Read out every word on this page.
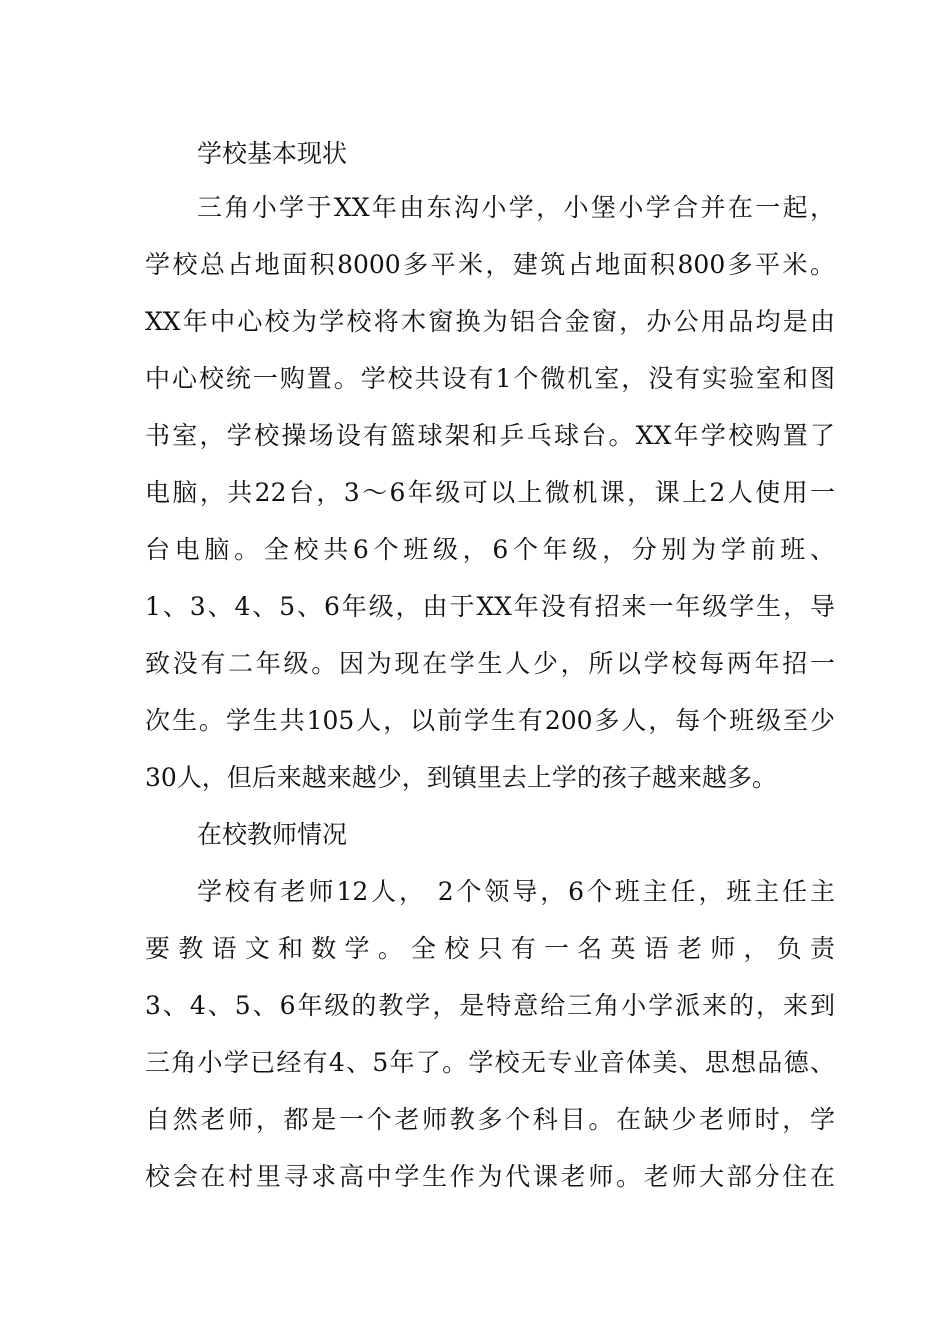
学校基本现状
三角小学于XX年由东沟小学，小堡小学合并在一起，
学校总占地面积8000多平米，建筑占地面积800多平米。
XX年中心校为学校将木窗换为铝合金窗，办公用品均是由
中心校统一购置。学校共设有1个微机室，没有实验室和图
书室，学校操场设有篮球架和乒乓球台。XX年学校购置了
电脑，共22台，3～6年级可以上微机课，课上2人使用一
台电脑。全校共6个班级，6个年级，分别为学前班、
1、3、4、5、6年级，由于XX年没有招来一年级学生，导
致没有二年级。因为现在学生人少，所以学校每两年招一
次生。学生共105人，以前学生有200多人，每个班级至少
30人，但后来越来越少，到镇里去上学的孩子越来越多。
在校教师情况
学校有老师12人， 2个领导，6个班主任，班主任主
要教语文和数学。全校只有一名英语老师，负责
3、4、5、6年级的教学，是特意给三角小学派来的，来到
三角小学已经有4、5年了。学校无专业音体美、思想品德、
自然老师，都是一个老师教多个科目。在缺少老师时，学
校会在村里寻求高中学生作为代课老师。老师大部分住在
